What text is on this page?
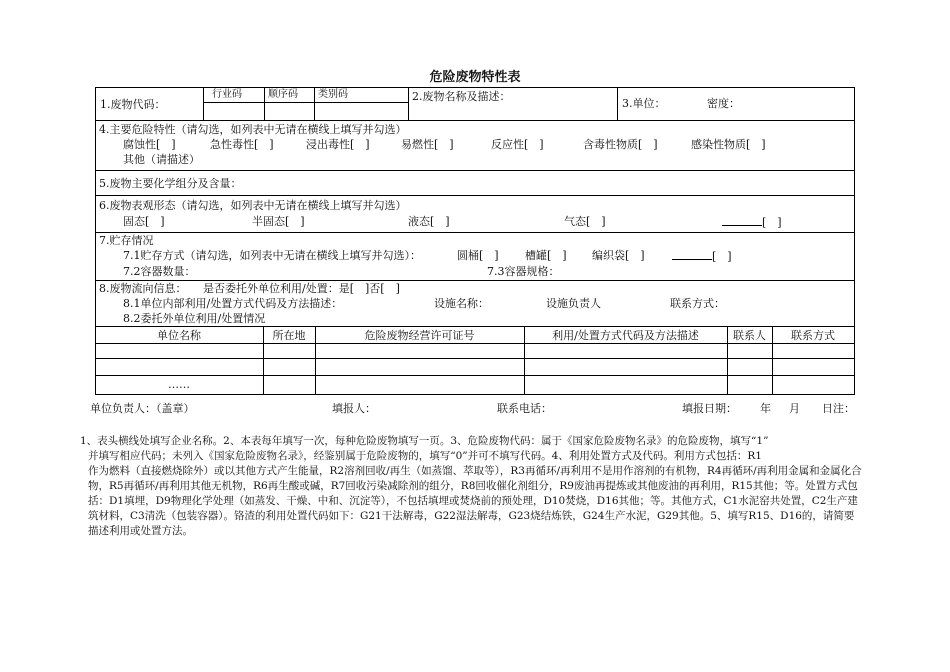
危险废物特性表
1.废物代码：
行业码	顺序码 类别码	2.废物名称及描述：
3.单位：	密度：
4.主要危险特性（请勾选，如列表中无请在横线上填写并勾选）
腐蚀性[　]	急性毒性[　]	浸出毒性[　]	易燃性[　]	反应性[　]	含毒性物质[　]	感染性物质[　]
其他（请描述）
5.废物主要化学组分及含量：
6.废物表观形态（请勾选，如列表中无请在横线上填写并勾选）
固态[　]	半固态[　]	液态[　]	气态[　]	[　]
7.贮存情况
7.1贮存方式（请勾选，如列表中无请在横线上填写并勾选）：	圆桶[　] 槽罐[　] 编织袋[　]	[　]
7.2容器数量：	7.3容器规格：
8.废物流向信息： 是否委托外单位利用/处置：是[　]否[　]
8.1单位内部利用/处置方式代码及方法描述：	设施名称：	设施负责人	联系方式：
8.2委托外单位利用/处置情况
单位名称	所在地	危险废物经营许可证号	利用/处置方式代码及方法描述	联系人	联系方式
……
单位负责人：（盖章）	填报人：	联系电话：	填报日期： 年 月 日注：

1、表头横线处填写企业名称。2、本表每年填写一次，每种危险废物填写一页。3、危险废物代码：属于《国家危险废物名录》的危险废物，填写“1”

并填写相应代码；未列入《国家危险废物名录》，经鉴别属于危险废物的，填写“0”并可不填写代码。4、利用处置方式及代码。利用方式包括：R1

作为燃料（直接燃烧除外）或以其他方式产生能量，R2溶剂回收/再生（如蒸馏、萃取等），R3再循环/再利用不是用作溶剂的有机物，R4再循环/再利用金属和金属化合物，R5再循环/再利用其他无机物，R6再生酸或碱，R7回收污染减除剂的组分，R8回收催化剂组分，R9废油再提炼或其他废油的再利用，R15其他；等。处置方式包括：D1填埋，D9物理化学处理（如蒸发、干燥、中和、沉淀等），不包括填埋或焚烧前的预处理，D10焚烧，D16其他；等。其他方式，C1水泥窑共处置，C2生产建筑材料，C3清洗（包装容器）。铬渣的利用处置代码如下：G21干法解毒，G22湿法解毒，G23烧结炼铁，G24生产水泥，G29其他。5、填写R15、D16的，请简要描述利用或处置方法。
